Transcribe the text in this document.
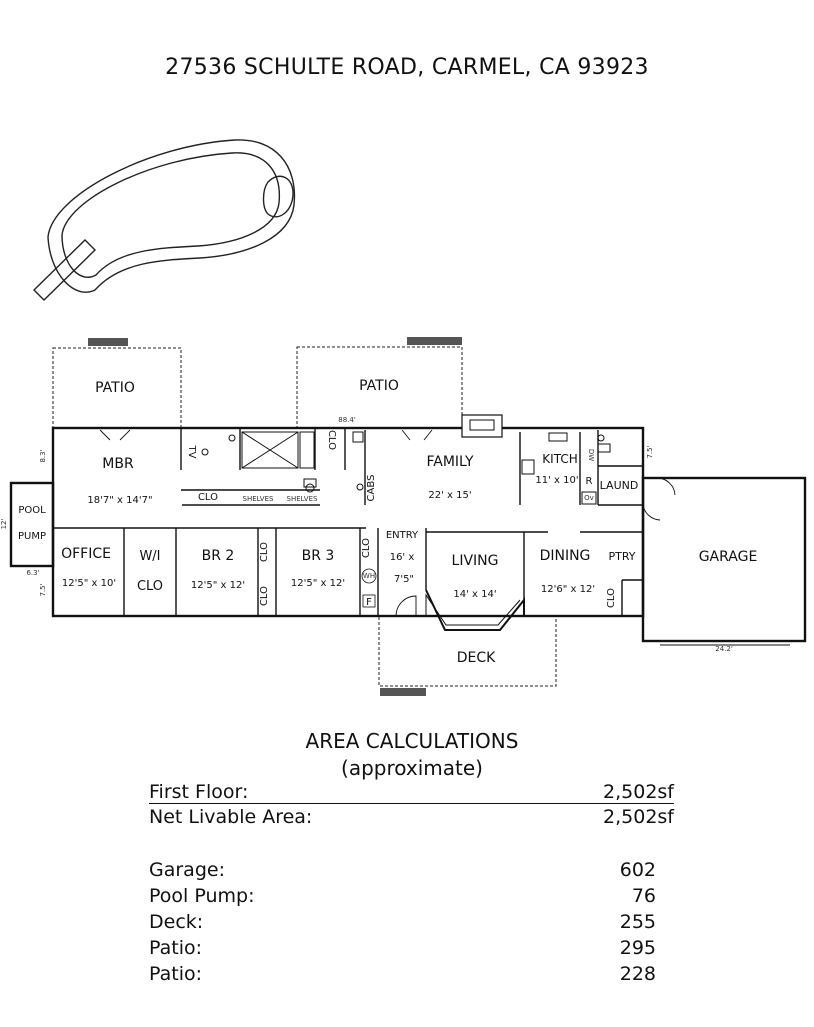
27536 SCHULTE ROAD, CARMEL, CA 93923
PATIO	PATIO
MBR
18'7" x 14'7"
POOL
PUMP
OFFICE
12'5" x 10'
W/I
CLO
BR 2
12'5" x 12'
BR 3
12'5" x 12'
CLO
CLO
CLO
CLO
CLO
CLO
ENTRY
16' x
7'5"
FAMILY
22' x 15'
KITCH
11' x 10' LAUND
LIVING
14' x 14'
DINING
12'6" x 12'
PTRY	GARAGE
DECK
CABS
SHELVES SHELVES
TV
WH
F
DW
R
Ov
88.4'
8.3'
12'
6.3'
7.5'
7.5'
24.2'
AREA CALCULATIONS
(approximate)
First Floor:	2,502sf
Net Livable Area:	2,502sf
Garage:	602
Pool Pump:	76
Deck:	255
Patio:	295
Patio:	228
